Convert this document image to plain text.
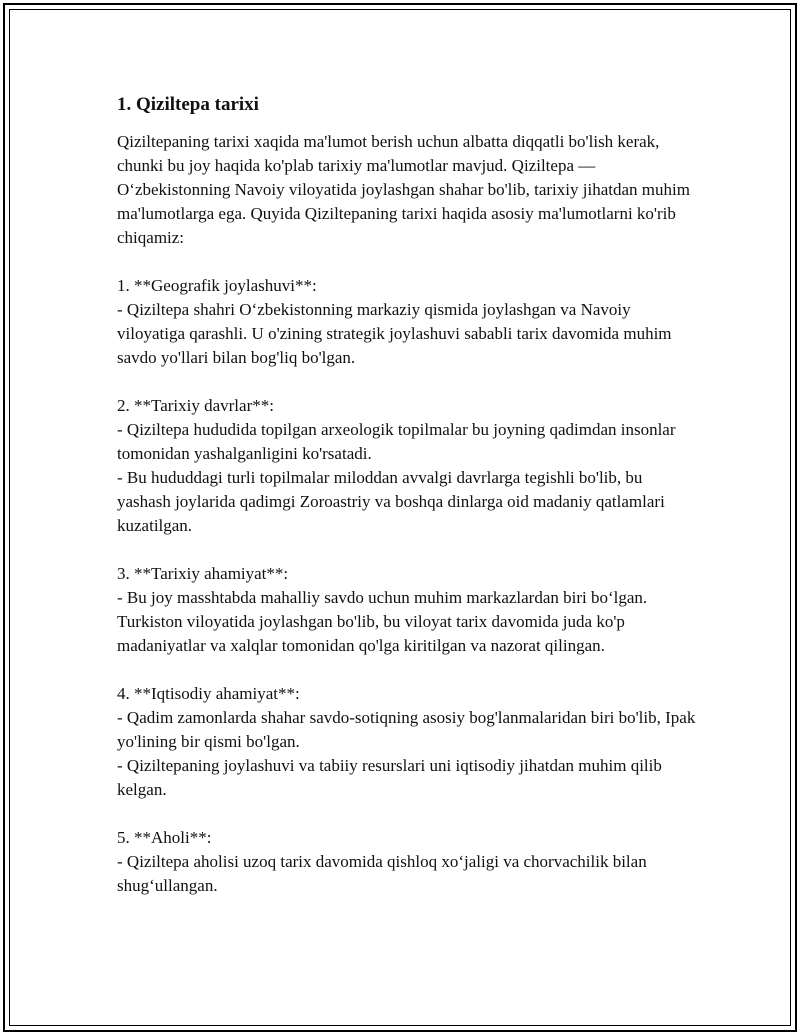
1. Qiziltepa tarixi

Qiziltepaning tarixi xaqida ma'lumot berish uchun albatta diqqatli bo'lish kerak, chunki bu joy haqida ko'plab tarixiy ma'lumotlar mavjud. Qiziltepa — O‘zbekistonning Navoiy viloyatida joylashgan shahar bo'lib, tarixiy jihatdan muhim ma'lumotlarga ega. Quyida Qiziltepaning tarixi haqida asosiy ma'lumotlarni ko'rib chiqamiz:

1. **Geografik joylashuvi**:

- Qiziltepa shahri O‘zbekistonning markaziy qismida joylashgan va Navoiy viloyatiga qarashli. U o'zining strategik joylashuvi sababli tarix davomida muhim savdo yo'llari bilan bog'liq bo'lgan.

2. **Tarixiy davrlar**:

- Qiziltepa hududida topilgan arxeologik topilmalar bu joyning qadimdan insonlar tomonidan yashalganligini ko'rsatadi.

- Bu hududdagi turli topilmalar miloddan avvalgi davrlarga tegishli bo'lib, bu yashash joylarida qadimgi Zoroastriy va boshqa dinlarga oid madaniy qatlamlari kuzatilgan.

3. **Tarixiy ahamiyat**:

- Bu joy masshtabda mahalliy savdo uchun muhim markazlardan biri bo‘lgan. Turkiston viloyatida joylashgan bo'lib, bu viloyat tarix davomida juda ko'p madaniyatlar va xalqlar tomonidan qo'lga kiritilgan va nazorat qilingan.

4. **Iqtisodiy ahamiyat**:

- Qadim zamonlarda shahar savdo-sotiqning asosiy bog'lanmalaridan biri bo'lib, Ipak yo'lining bir qismi bo'lgan.

- Qiziltepaning joylashuvi va tabiiy resurslari uni iqtisodiy jihatdan muhim qilib kelgan.

5. **Aholi**:

- Qiziltepa aholisi uzoq tarix davomida qishloq xo‘jaligi va chorvachilik bilan shug‘ullangan.
